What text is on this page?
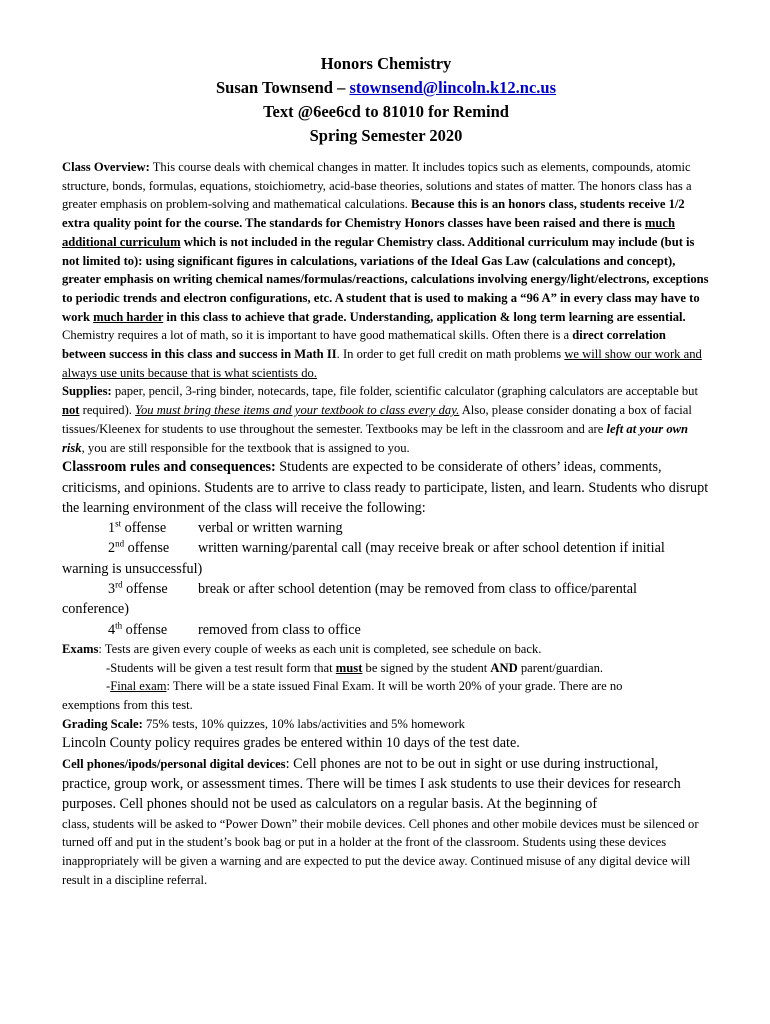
Honors Chemistry
Susan Townsend – stownsend@lincoln.k12.nc.us
Text @6ee6cd to 81010 for Remind
Spring Semester 2020

Class Overview: This course deals with chemical changes in matter. It includes topics such as elements, compounds, atomic structure, bonds, formulas, equations, stoichiometry, acid-base theories, solutions and states of matter. The honors class has a greater emphasis on problem-solving and mathematical calculations. Because this is an honors class, students receive 1/2 extra quality point for the course. The standards for Chemistry Honors classes have been raised and there is much additional curriculum which is not included in the regular Chemistry class. Additional curriculum may include (but is not limited to): using significant figures in calculations, variations of the Ideal Gas Law (calculations and concept), greater emphasis on writing chemical names/formulas/reactions, calculations involving energy/light/electrons, exceptions to periodic trends and electron configurations, etc. A student that is used to making a “96 A” in every class may have to work much harder in this class to achieve that grade. Understanding, application & long term learning are essential. Chemistry requires a lot of math, so it is important to have good mathematical skills. Often there is a direct correlation between success in this class and success in Math II. In order to get full credit on math problems we will show our work and always use units because that is what scientists do.

Supplies: paper, pencil, 3-ring binder, notecards, tape, file folder, scientific calculator (graphing calculators are acceptable but not required). You must bring these items and your textbook to class every day. Also, please consider donating a box of facial tissues/Kleenex for students to use throughout the semester. Textbooks may be left in the classroom and are left at your own risk, you are still responsible for the textbook that is assigned to you.

Classroom rules and consequences: Students are expected to be considerate of others’ ideas, comments, criticisms, and opinions. Students are to arrive to class ready to participate, listen, and learn. Students who disrupt the learning environment of the class will receive the following:

1st offense verbal or written warning

2nd offense written warning/parental call (may receive break or after school detention if initial

warning is unsuccessful)

3rd offense break or after school detention (may be removed from class to office/parental

conference)

4th offense removed from class to office

Exams: Tests are given every couple of weeks as each unit is completed, see schedule on back.

-Students will be given a test result form that must be signed by the student AND parent/guardian.

-Final exam: There will be a state issued Final Exam. It will be worth 20% of your grade. There are no

exemptions from this test.

Grading Scale: 75% tests, 10% quizzes, 10% labs/activities and 5% homework

Lincoln County policy requires grades be entered within 10 days of the test date.

Cell phones/ipods/personal digital devices: Cell phones are not to be out in sight or use during instructional, practice, group work, or assessment times. There will be times I ask students to use their devices for research purposes. Cell phones should not be used as calculators on a regular basis. At the beginning of

class, students will be asked to “Power Down” their mobile devices. Cell phones and other mobile devices must be silenced or turned off and put in the student’s book bag or put in a holder at the front of the classroom. Students using these devices inappropriately will be given a warning and are expected to put the device away. Continued misuse of any digital device will result in a discipline referral.
